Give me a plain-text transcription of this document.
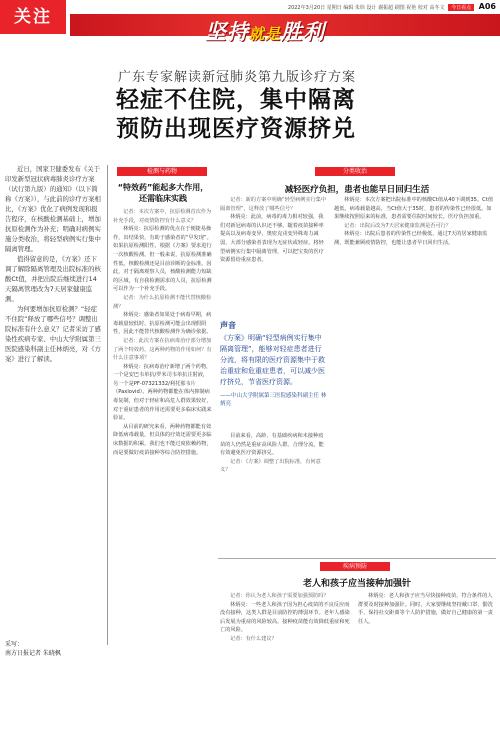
关注	2022年3月20日 星期日 编辑 朱炜 设计 谢振超 刷图 祝艳 校对 高冬文 今日看点 A06
坚持就是胜利
广东专家解读新冠肺炎第九版诊疗方案
轻症不住院，集中隔离
预防出现医疗资源挤兑

近日，国家卫健委发布《关于印发新型冠状病毒肺炎诊疗方案（试行第九版）的通知》（以下简称《方案》），与此前的诊疗方案相比，《方案》优化了病例发现和报告程序，在核酸检测基础上，增加抗原检测作为补充；明确对病例实施分类收治，将轻型病例实行集中隔离管理。

值得留意的是，《方案》还下调了解除隔离管理及出院标准的核酸Ct值，并把出院后继续进行14天隔离管理改为7天居家健康监测。

为何要增加抗原检测？“轻症不住院”释放了哪些信号？调整出院标准有什么意义？记者采访了感染性疾病专家、中山大学附属第三医院感染科副主任林炳亮，对《方案》进行了解读。

采写：
南方日报记者 朱晓枫
检测与药物
“特效药”能起多大作用，
还需临床实践

记者：本次方案中，抗原检测首次作为补充手段，对疫情防控有什么意义？

林炳亮：抗原检测的优点在于便捷易操作，出结果快，有助于感染者的“早发现”。如果抗原检测阳性，根据《方案》要求进行一次核酸检测。但一般来说，抗原检测准确性低，核酸检测还是目前诊断的金标准。因此，对于隔离观察人员，核酸检测能力短缺的区域，有自我检测需求的人员，抗原检测可以作为一个补充手段。

记者：为什么抗原检测不能代替核酸检测？

林炳亮：感染者如果处于病毒早期，病毒载量较低时，抗原检测可能会出现假阴性，因此不能替代核酸检测作为确诊依据。

记者：此次方案在抗病毒治疗部分增加了两个特效药。这两种药物的作用如何？有什么注意事项？

林炳亮：抗病毒治疗新增了两个药物，一个是安巴韦单抗/罗米司韦单抗注射液，另一个是PF-07321332/利托那韦片（Paxlovid）。两种药物都能在体内抑制病毒复制，但对于轻症和高危人群效果较好，对于重症患者的作用还需要更多临床实践来验证。

从目前的研究来看，两种药物都能有效降低病毒载量，但具体的疗效还需要更多临床数据的积累。我们也不能过度依赖药物，而是要做好疫苗接种等综合防控措施。

分类收治
减轻医疗负担，患者也能早日回归生活

记者：新的方案中明确“轻型病例实行集中隔离管理”，这释放了哪些信号？

林炳亮：此前，病毒的毒力相对较强，我们对新冠病毒的认识还不够。随着疫苗接种率提高以及病毒变异，奥密克戎变异株毒力减弱，大部分感染者表现为无症状或轻症。将轻型病例实行集中隔离管理，可以把宝贵的医疗资源留给重症患者。

声音
《方案》明确“轻型病例实行集中隔离管理”，能够对轻症患者进行分流，将有限的医疗资源集中于救治重症和危重症患者，可以减少医疗挤兑，节省医疗资源。
——中山大学附属第三医院感染科副主任 林炳亮

目前来看，高龄、有基础疾病和未接种疫苗的人仍然是重症高风险人群。合理分流，能有效避免医疗资源挤兑。

记者：《方案》调整了出院标准，有何意义？

林炳亮：本次方案把出院标准中的核酸Ct值从40下调到35。Ct值越低，病毒载量越高，当Ct值大于35时，患者的传染性已经很低。如果继续按照原来的标准，患者需要住院时间较长，医疗负担加重。

记者：出院后改为7天居家健康监测是否可行？

林炳亮：出院后患者的传染性已经极低，通过7天的居家健康监测，既能兼顾疫情防控，也能让患者早日回归生活。

疾病预防
老人和孩子应当接种加强针

记者：你认为老人和孩子需要加强预防吗？

林炳亮：一些老人和孩子因为担心疫苗的不良反应而没有接种，这类人群是目前防控的薄弱环节。老年人感染后发展为重症的风险较高，接种疫苗能有效降低重症和死亡的风险。

记者：有什么建议？

林炳亮：老人和孩子应当尽快接种疫苗，符合条件的人群要及时接种加强针。同时，大家要继续坚持戴口罩、勤洗手、保持社交距离等个人防护措施，做好自己健康的第一责任人。
